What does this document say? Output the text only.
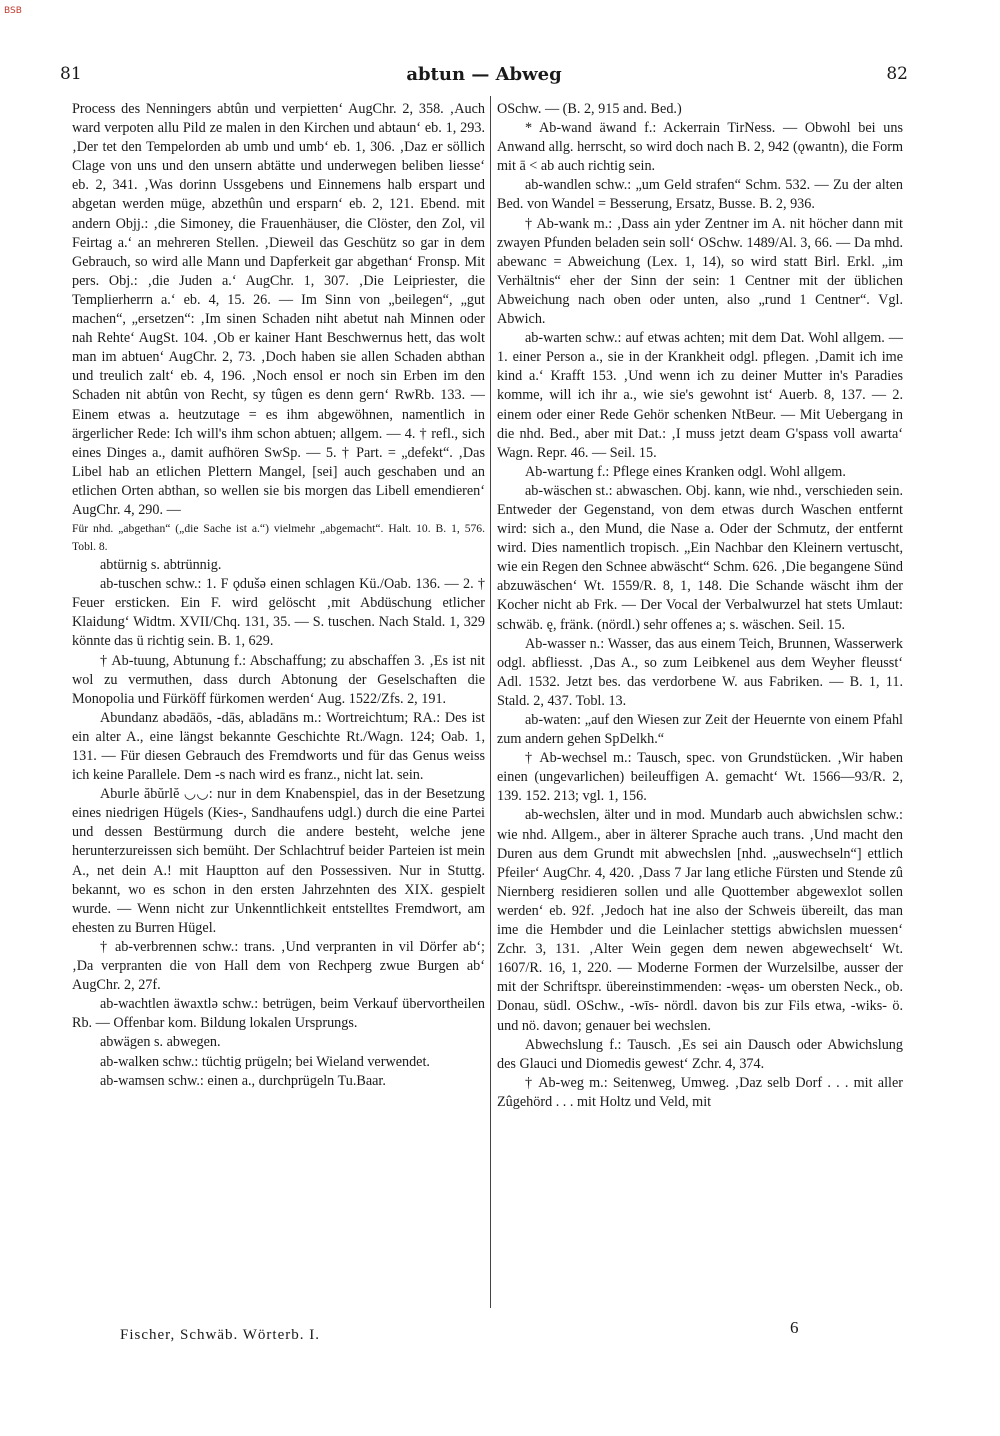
BSB
81	abtun — Abweg	82

Process des Nenningers abtûn und verpietten‘ AugChr. 2, 358. ‚Auch ward verpoten allu Pild ze malen in den Kirchen und abtaun‘ eb. 1, 293. ‚Der tet den Tempelorden ab umb und umb‘ eb. 1, 306. ‚Daz er söllich Clage von uns und den unsern abtätte und underwegen beliben liesse‘ eb. 2, 341. ‚Was dorinn Ussgebens und Einnemens halb erspart und abgetan werden müge, abzethûn und ersparn‘ eb. 2, 121. Ebend. mit andern Objj.: ‚die Simoney, die Frauenhäuser, die Clöster, den Zol, vil Feirtag a.‘ an mehreren Stellen. ‚Dieweil das Geschütz so gar in dem Gebrauch, so wird alle Mann und Dapferkeit gar abgethan‘ Fronsp. Mit pers. Obj.: ‚die Juden a.‘ AugChr. 1, 307. ‚Die Leipriester, die Templierherrn a.‘ eb. 4, 15. 26. — Im Sinn von „beilegen“, „gut machen“, „ersetzen“: ‚Im sinen Schaden niht abetut nah Minnen oder nah Rehte‘ AugSt. 104. ‚Ob er kainer Hant Beschwernus hett, das wolt man im abtuen‘ AugChr. 2, 73. ‚Doch haben sie allen Schaden abthan und treulich zalt‘ eb. 4, 196. ‚Noch ensol er noch sin Erben im den Schaden nit abtûn von Recht, sy tûgen es denn gern‘ RwRb. 133. — Einem etwas a. heutzutage = es ihm abgewöhnen, namentlich in ärgerlicher Rede: Ich will's ihm schon abtuen; allgem. — 4. † refl., sich eines Dinges a., damit aufhören SwSp. — 5. † Part. = „defekt“. ‚Das Libel hab an etlichen Plettern Mangel, [sei] auch geschaben und an etlichen Orten abthan, so wellen sie bis morgen das Libell emendieren‘ AugChr. 4, 290. —

Für nhd. „abgethan“ („die Sache ist a.“) vielmehr „abgemacht“. Halt. 10. B. 1, 576. Tobl. 8.

abtürnig s. abtrünnig.

ab-tuschen schw.: 1. F ǫdušə einen schlagen Kü./Oab. 136. — 2. † Feuer ersticken. Ein F. wird gelöscht ‚mit Abdüschung etlicher Klaidung‘ Widtm. XVII/Chq. 131, 35. — S. tuschen. Nach Stald. 1, 329 könnte das ü richtig sein. B. 1, 629.

† Ab-tuung, Abtunung f.: Abschaffung; zu abschaffen 3. ‚Es ist nit wol zu vermuthen, dass durch Abtonung der Geselschaften die Monopolia und Fürköff fürkomen werden‘ Aug. 1522/Zfs. 2, 191.

Abundanz abədāōs, -dās, abladāns m.: Wortreichtum; RA.: Des ist ein alter A., eine längst bekannte Geschichte Rt./Wagn. 124; Oab. 1, 131. — Für diesen Gebrauch des Fremdworts und für das Genus weiss ich keine Parallele. Dem -s nach wird es franz., nicht lat. sein.

Aburle ăbŭrlĕ ◡◡: nur in dem Knabenspiel, das in der Besetzung eines niedrigen Hügels (Kies-, Sandhaufens udgl.) durch die eine Partei und dessen Bestürmung durch die andere besteht, welche jene herunterzureissen sich bemüht. Der Schlachtruf beider Parteien ist mein A., net dein A.! mit Hauptton auf den Possessiven. Nur in Stuttg. bekannt, wo es schon in den ersten Jahrzehnten des XIX. gespielt wurde. — Wenn nicht zur Unkenntlichkeit entstelltes Fremdwort, am ehesten zu Burren Hügel.

† ab-verbrennen schw.: trans. ‚Und verpranten in vil Dörfer ab‘; ‚Da verpranten die von Hall dem von Rechperg zwue Burgen ab‘ AugChr. 2, 27f.

ab-wachtlen äwaxtlə schw.: betrügen, beim Verkauf übervortheilen Rb. — Offenbar kom. Bildung lokalen Ursprungs.

abwägen s. abwegen.

ab-walken schw.: tüchtig prügeln; bei Wieland verwendet.

ab-wamsen schw.: einen a., durchprügeln Tu.Baar.

OSchw. — (B. 2, 915 and. Bed.)

* Ab-wand äwand f.: Ackerrain TirNess. — Obwohl bei uns Anwand allg. herrscht, so wird doch nach B. 2, 942 (ǫwantn), die Form mit ā < ab auch richtig sein.

ab-wandlen schw.: „um Geld strafen“ Schm. 532. — Zu der alten Bed. von Wandel = Besserung, Ersatz, Busse. B. 2, 936.

† Ab-wank m.: ‚Dass ain yder Zentner im A. nit höcher dann mit zwayen Pfunden beladen sein soll‘ OSchw. 1489/Al. 3, 66. — Da mhd. abewanc = Abweichung (Lex. 1, 14), so wird statt Birl. Erkl. „im Verhältnis“ eher der Sinn der sein: 1 Centner mit der üblichen Abweichung nach oben oder unten, also „rund 1 Centner“. Vgl. Abwich.

ab-warten schw.: auf etwas achten; mit dem Dat. Wohl allgem. — 1. einer Person a., sie in der Krankheit odgl. pflegen. ‚Damit ich ime kind a.‘ Krafft 153. ‚Und wenn ich zu deiner Mutter in's Paradies komme, will ich ihr a., wie sie's gewohnt ist‘ Auerb. 8, 137. — 2. einem oder einer Rede Gehör schenken NtBeur. — Mit Uebergang in die nhd. Bed., aber mit Dat.: ‚I muss jetzt deam G'spass voll awarta‘ Wagn. Repr. 46. — Seil. 15.

Ab-wartung f.: Pflege eines Kranken odgl. Wohl allgem.

ab-wäschen st.: abwaschen. Obj. kann, wie nhd., verschieden sein. Entweder der Gegenstand, von dem etwas durch Waschen entfernt wird: sich a., den Mund, die Nase a. Oder der Schmutz, der entfernt wird. Dies namentlich tropisch. „Ein Nachbar den Kleinern vertuscht, wie ein Regen den Schnee abwäscht“ Schm. 626. ‚Die begangene Sünd abzuwäschen‘ Wt. 1559/R. 8, 1, 148. Die Schande wäscht ihm der Kocher nicht ab Frk. — Der Vocal der Verbalwurzel hat stets Umlaut: schwäb. ę, fränk. (nördl.) sehr offenes a; s. wäschen. Seil. 15.

Ab-wasser n.: Wasser, das aus einem Teich, Brunnen, Wasserwerk odgl. abfliesst. ‚Das A., so zum Leibkenel aus dem Weyher fleusst‘ Adl. 1532. Jetzt bes. das verdorbene W. aus Fabriken. — B. 1, 11. Stald. 2, 437. Tobl. 13.

ab-waten: „auf den Wiesen zur Zeit der Heuernte von einem Pfahl zum andern gehen SpDelkh.“

† Ab-wechsel m.: Tausch, spec. von Grundstücken. ‚Wir haben einen (ungevarlichen) beileuffigen A. gemacht‘ Wt. 1566—93/R. 2, 139. 152. 213; vgl. 1, 156.

ab-wechslen, älter und in mod. Mundarb auch abwichslen schw.: wie nhd. Allgem., aber in älterer Sprache auch trans. ‚Und macht den Duren aus dem Grundt mit abwechslen [nhd. „auswechseln“] ettlich Pfeiler‘ AugChr. 4, 420. ‚Dass 7 Jar lang etliche Fürsten und Stende zû Niernberg residieren sollen und alle Quottember abgewexlot sollen werden‘ eb. 92f. ‚Jedoch hat ine also der Schweis übereilt, das man ime die Hembder und die Leinlacher stettigs abwichslen muessen‘ Zchr. 3, 131. ‚Alter Wein gegen dem newen abgewechselt‘ Wt. 1607/R. 16, 1, 220. — Moderne Formen der Wurzelsilbe, ausser der mit der Schriftspr. übereinstimmenden: -węəs- um obersten Neck., ob. Donau, südl. OSchw., -wīs- nördl. davon bis zur Fils etwa, -wiks- ö. und nö. davon; genauer bei wechslen.

Abwechslung f.: Tausch. ‚Es sei ain Dausch oder Abwichslung des Glauci und Diomedis gewest‘ Zchr. 4, 374.

† Ab-weg m.: Seitenweg, Umweg. ‚Daz selb Dorf . . . mit aller Zûgehörd . . . mit Holtz und Veld, mit

Fischer, Schwäb. Wörterb. I.	6
